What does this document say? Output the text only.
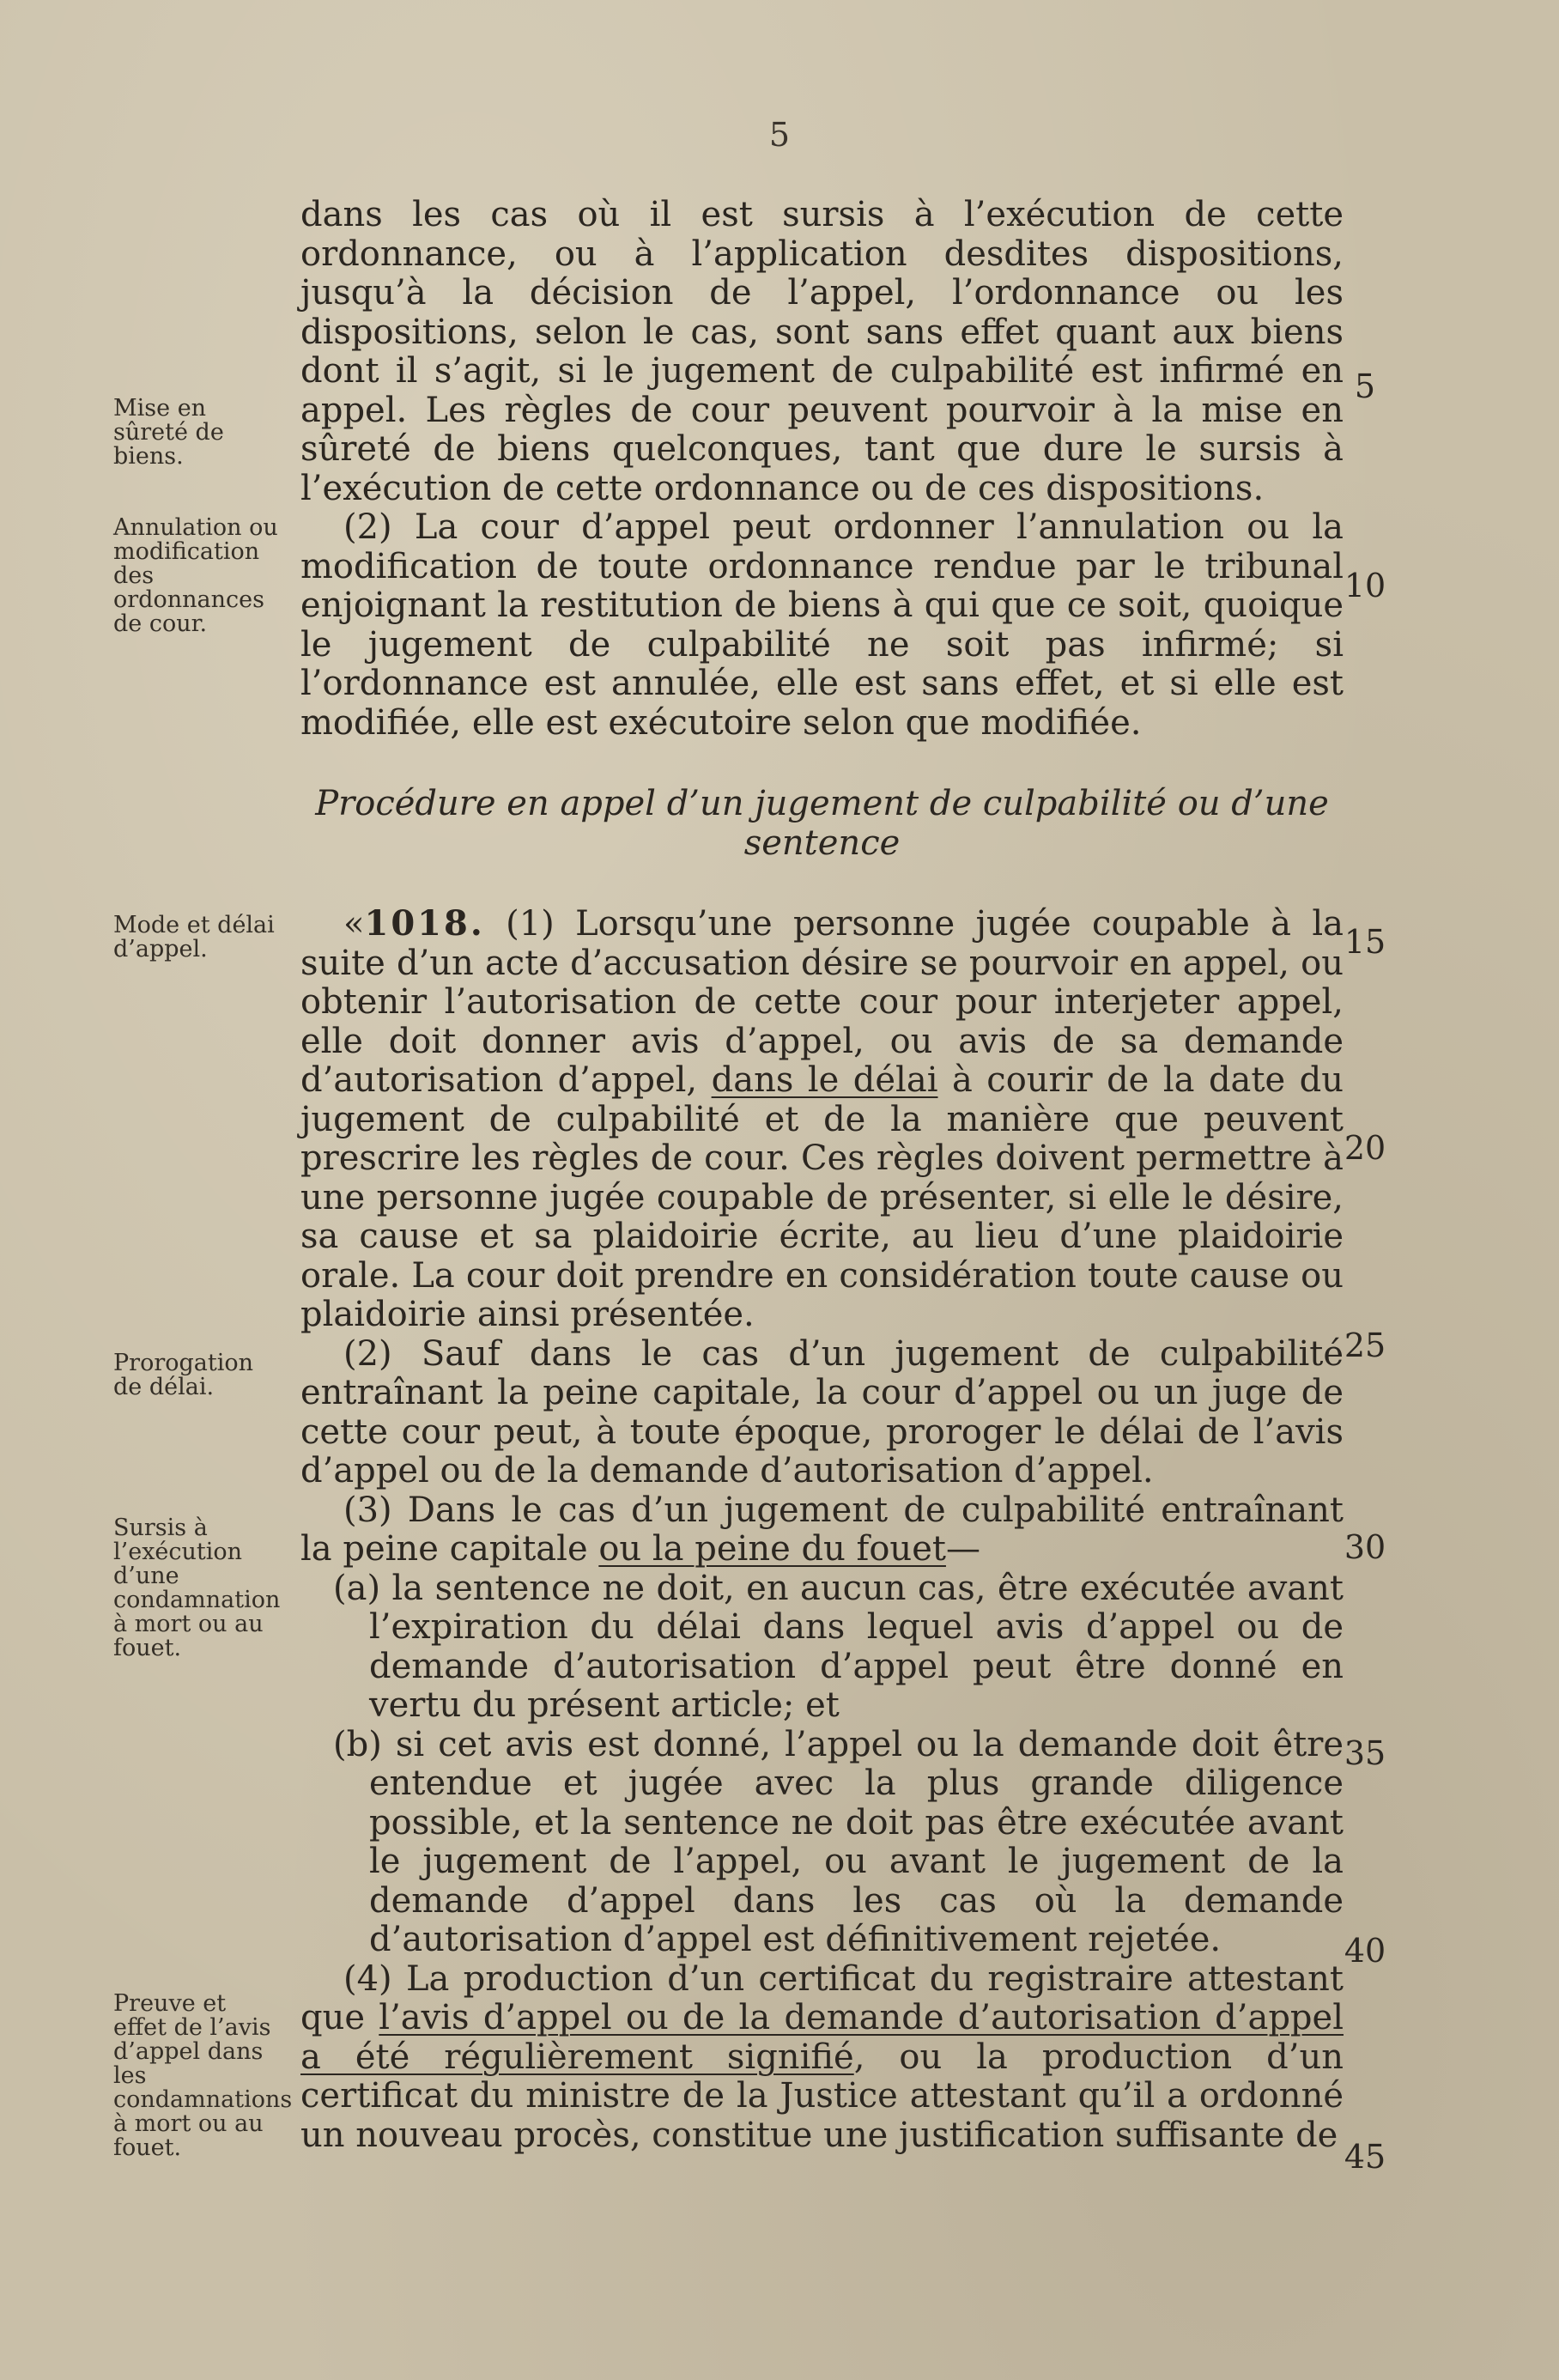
5
Mise en sûreté de biens.
Annulation ou modification des ordonnances de cour.
Mode et délai d’appel.
Prorogation de délai.
Sursis à l’exécution d’une condamnation à mort ou au fouet.
Preuve et effet de l’avis d’appel dans les condamnations à mort ou au fouet.
5
10
15
20
25
30
35
40
45

dans les cas où il est sursis à l’exécution de cette ordonnance, ou à l’application desdites dispositions, jusqu’à la décision de l’appel, l’ordonnance ou les dispositions, selon le cas, sont sans effet quant aux biens dont il s’agit, si le jugement de culpabilité est infirmé en appel. Les règles de cour peuvent pourvoir à la mise en sûreté de biens quelconques, tant que dure le sursis à l’exécution de cette ordonnance ou de ces dispositions.

(2) La cour d’appel peut ordonner l’annulation ou la modification de toute ordonnance rendue par le tribunal enjoignant la restitution de biens à qui que ce soit, quoique le jugement de culpabilité ne soit pas infirmé; si l’ordonnance est annulée, elle est sans effet, et si elle est modifiée, elle est exécutoire selon que modifiée.

Procédure en appel d’un jugement de culpabilité ou d’une sentence

«1018. (1) Lorsqu’une personne jugée coupable à la suite d’un acte d’accusation désire se pourvoir en appel, ou obtenir l’autorisation de cette cour pour interjeter appel, elle doit donner avis d’appel, ou avis de sa demande d’autorisation d’appel, dans le délai à courir de la date du jugement de culpabilité et de la manière que peuvent prescrire les règles de cour. Ces règles doivent permettre à une personne jugée coupable de présenter, si elle le désire, sa cause et sa plaidoirie écrite, au lieu d’une plaidoirie orale. La cour doit prendre en considération toute cause ou plaidoirie ainsi présentée.

(2) Sauf dans le cas d’un jugement de culpabilité entraînant la peine capitale, la cour d’appel ou un juge de cette cour peut, à toute époque, proroger le délai de l’avis d’appel ou de la demande d’autorisation d’appel.

(3) Dans le cas d’un jugement de culpabilité entraînant la peine capitale ou la peine du fouet—

(a) la sentence ne doit, en aucun cas, être exécutée avant l’expiration du délai dans lequel avis d’appel ou de demande d’autorisation d’appel peut être donné en vertu du présent article; et

(b) si cet avis est donné, l’appel ou la demande doit être entendue et jugée avec la plus grande diligence possible, et la sentence ne doit pas être exécutée avant le jugement de l’appel, ou avant le jugement de la demande d’appel dans les cas où la demande d’autorisation d’appel est définitivement rejetée.

(4) La production d’un certificat du registraire attestant que l’avis d’appel ou de la demande d’autorisation d’appel a été régulièrement signifié, ou la production d’un certificat du ministre de la Justice attestant qu’il a ordonné un nouveau procès, constitue une justification suffisante de
